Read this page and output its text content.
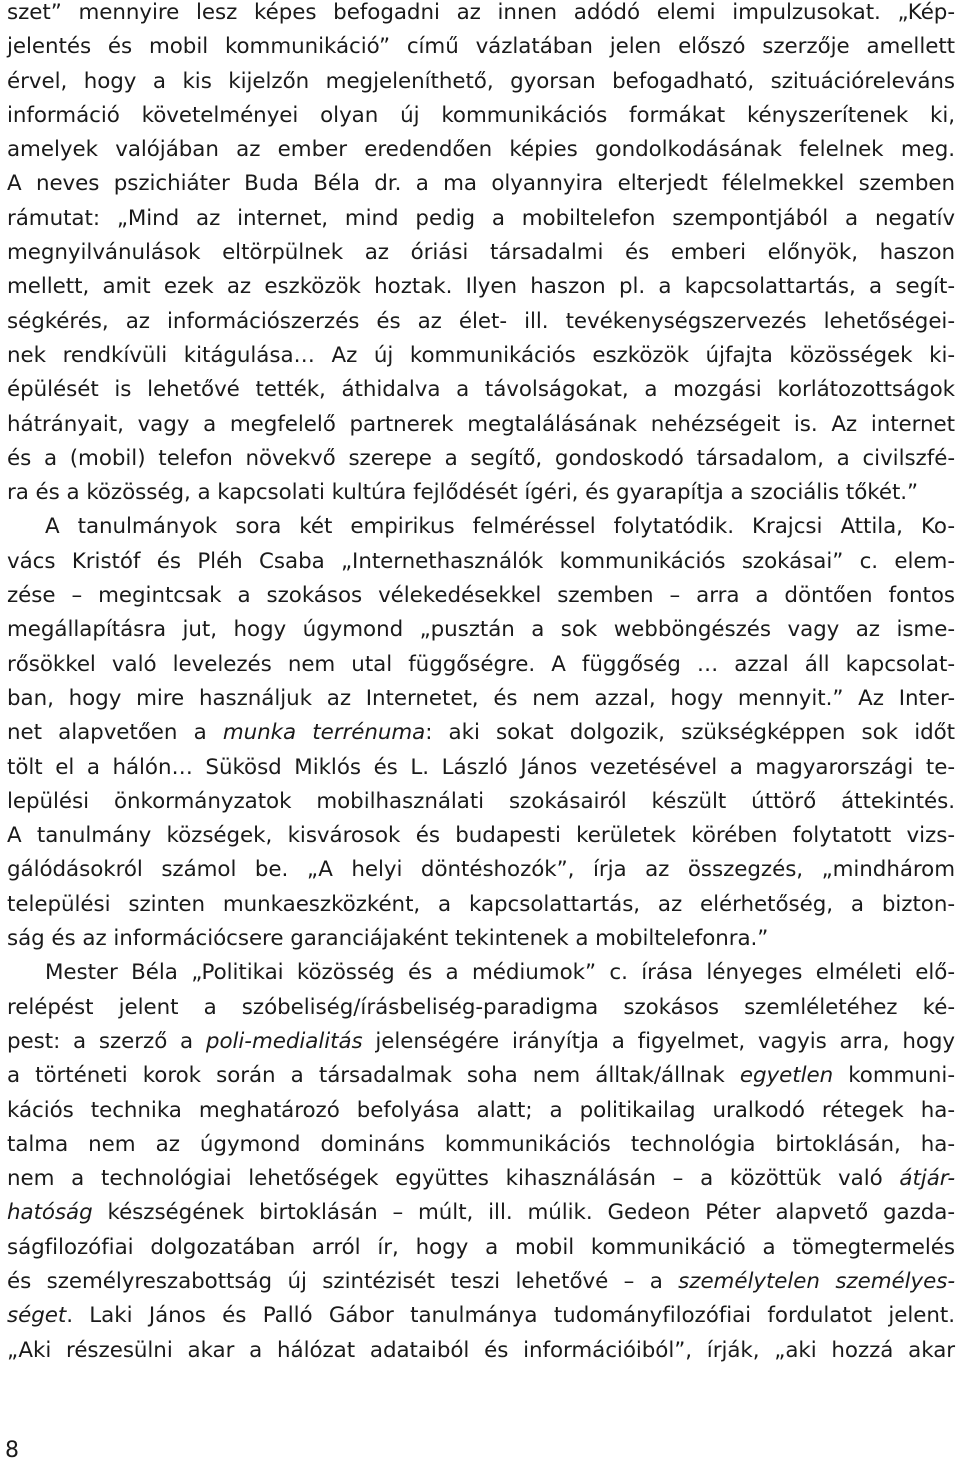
szet” mennyire lesz képes befogadni az innen adódó elemi impulzusokat. „Kép-
jelentés és mobil kommunikáció” című vázlatában jelen előszó szerzője amellett
érvel, hogy a kis kijelzőn megjeleníthető, gyorsan befogadható, szituációreleváns
információ követelményei olyan új kommunikációs formákat kényszerítenek ki,
amelyek valójában az ember eredendően képies gondolkodásának felelnek meg.
A neves pszichiáter Buda Béla dr. a ma olyannyira elterjedt félelmekkel szemben
rámutat: „Mind az internet, mind pedig a mobiltelefon szempontjából a negatív
megnyilvánulások eltörpülnek az óriási társadalmi és emberi előnyök, haszon
mellett, amit ezek az eszközök hoztak. Ilyen haszon pl. a kapcsolattartás, a segít-
ségkérés, az információszerzés és az élet- ill. tevékenységszervezés lehetőségei-
nek rendkívüli kitágulása… Az új kommunikációs eszközök újfajta közösségek ki-
épülését is lehetővé tették, áthidalva a távolságokat, a mozgási korlátozottságok
hátrányait, vagy a megfelelő partnerek megtalálásának nehézségeit is. Az internet
és a (mobil) telefon növekvő szerepe a segítő, gondoskodó társadalom, a civilszfé-
ra és a közösség, a kapcsolati kultúra fejlődését ígéri, és gyarapítja a szociális tőkét.”
A tanulmányok sora két empirikus felméréssel folytatódik. Krajcsi Attila, Ko-
vács Kristóf és Pléh Csaba „Internethasználók kommunikációs szokásai” c. elem-
zése – megintcsak a szokásos vélekedésekkel szemben – arra a döntően fontos
megállapításra jut, hogy úgymond „pusztán a sok webböngészés vagy az isme-
rősökkel való levelezés nem utal függőségre. A függőség … azzal áll kapcsolat-
ban, hogy mire használjuk az Internetet, és nem azzal, hogy mennyit.” Az Inter-
net alapvetően a munka terrénuma: aki sokat dolgozik, szükségképpen sok időt
tölt el a hálón… Sükösd Miklós és L. László János vezetésével a magyarországi te-
lepülési önkormányzatok mobilhasználati szokásairól készült úttörő áttekintés.
A tanulmány községek, kisvárosok és budapesti kerületek körében folytatott vizs-
gálódásokról számol be. „A helyi döntéshozók”, írja az összegzés, „mindhárom
települési szinten munkaeszközként, a kapcsolattartás, az elérhetőség, a bizton-
ság és az információcsere garanciájaként tekintenek a mobiltelefonra.”
Mester Béla „Politikai közösség és a médiumok” c. írása lényeges elméleti elő-
relépést jelent a szóbeliség/írásbeliség-paradigma szokásos szemléletéhez ké-
pest: a szerző a poli-medialitás jelenségére irányítja a figyelmet, vagyis arra, hogy
a történeti korok során a társadalmak soha nem álltak/állnak egyetlen kommuni-
kációs technika meghatározó befolyása alatt; a politikailag uralkodó rétegek ha-
talma nem az úgymond domináns kommunikációs technológia birtoklásán, ha-
nem a technológiai lehetőségek együttes kihasználásán – a közöttük való átjár-
hatóság készségének birtoklásán – múlt, ill. múlik. Gedeon Péter alapvető gazda-
ságfilozófiai dolgozatában arról ír, hogy a mobil kommunikáció a tömegtermelés
és személyreszabottság új szintézisét teszi lehetővé – a személytelen személyes-
séget. Laki János és Palló Gábor tanulmánya tudományfilozófiai fordulatot jelent.
„Aki részesülni akar a hálózat adataiból és információiból”, írják, „aki hozzá akar
8
